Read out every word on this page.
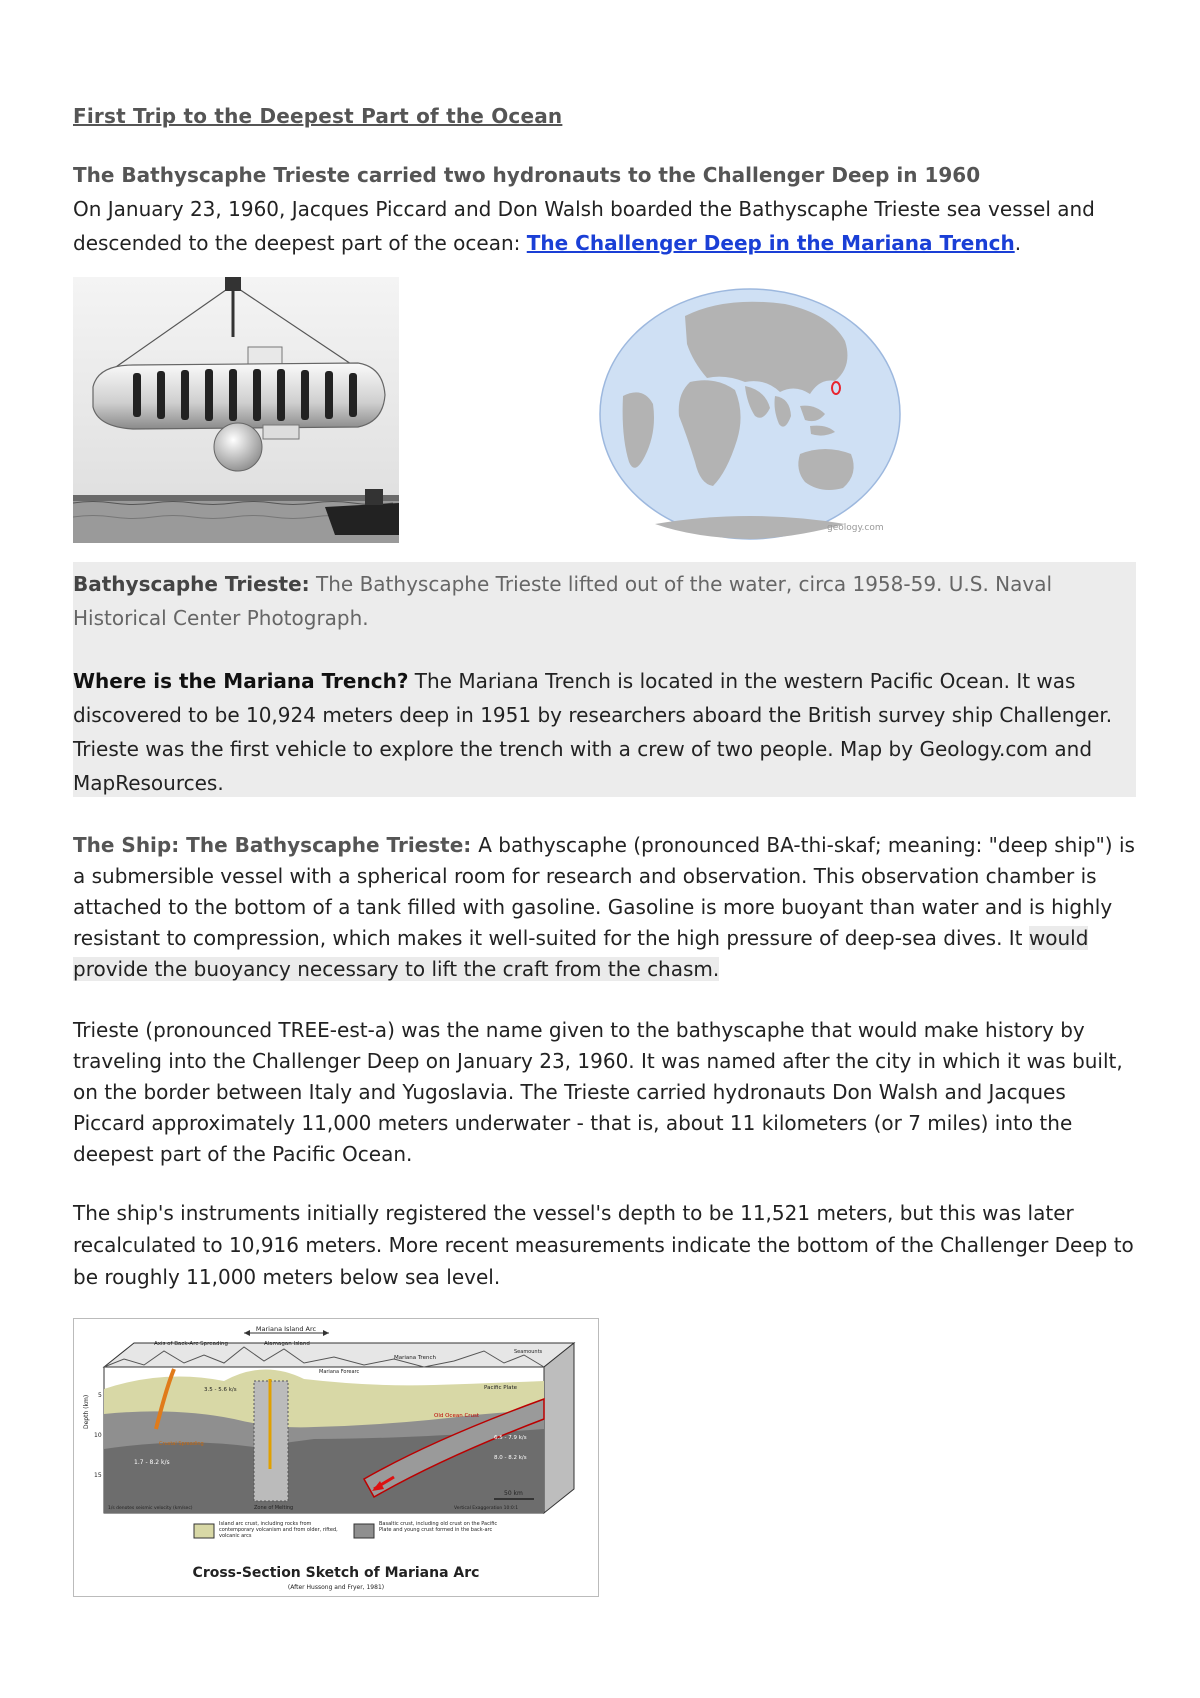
First Trip to the Deepest Part of the Ocean
The Bathyscaphe Trieste carried two hydronauts to the Challenger Deep in 1960
On January 23, 1960, Jacques Piccard and Don Walsh boarded the Bathyscaphe Trieste sea vessel and descended to the deepest part of the ocean: The Challenger Deep in the Mariana Trench.
geology.com
Bathyscaphe Trieste: The Bathyscaphe Trieste lifted out of the water, circa 1958-59. U.S. Naval Historical Center Photograph.
Where is the Mariana Trench? The Mariana Trench is located in the western Pacific Ocean. It was discovered to be 10,924 meters deep in 1951 by researchers aboard the British survey ship Challenger. Trieste was the first vehicle to explore the trench with a crew of two people. Map by Geology.com and MapResources.
The Ship: The Bathyscaphe Trieste: A bathyscaphe (pronounced BA-thi-skaf; meaning: "deep ship") is a submersible vessel with a spherical room for research and observation. This observation chamber is attached to the bottom of a tank filled with gasoline. Gasoline is more buoyant than water and is highly resistant to compression, which makes it well-suited for the high pressure of deep-sea dives. It would provide the buoyancy necessary to lift the craft from the chasm.
Trieste (pronounced TREE-est-a) was the name given to the bathyscaphe that would make history by traveling into the Challenger Deep on January 23, 1960. It was named after the city in which it was built, on the border between Italy and Yugoslavia. The Trieste carried hydronauts Don Walsh and Jacques Piccard approximately 11,000 meters underwater - that is, about 11 kilometers (or 7 miles) into the deepest part of the Pacific Ocean.
The ship's instruments initially registered the vessel's depth to be 11,521 meters, but this was later recalculated to 10,916 meters. More recent measurements indicate the bottom of the Challenger Deep to be roughly 11,000 meters below sea level.
Mariana Island Arc
Depth (km) 5
10
15
Axis of Back-Arc Spreading	Alamagan Island
Mariana Trench
Mariana Forearc
Seamounts
Pacific Plate
Old Ocean Crust
Crustal Spreading
Zone of Melting
1.7 - 8.2 k/s
6.5 - 7.9 k/s
8.0 - 8.2 k/s
3.5 - 5.6 k/s
50 km
Vertical Exaggeration 10:0:1
1/s denotes seismic velocity (km/sec)
Island arc crust, including rocks from contemporary volcanism and from older, rifted, volcanic arcs
Basaltic crust, including old crust on the Pacific Plate and young crust formed in the back-arc
Cross-Section Sketch of Mariana Arc
(After Hussong and Fryer, 1981)
